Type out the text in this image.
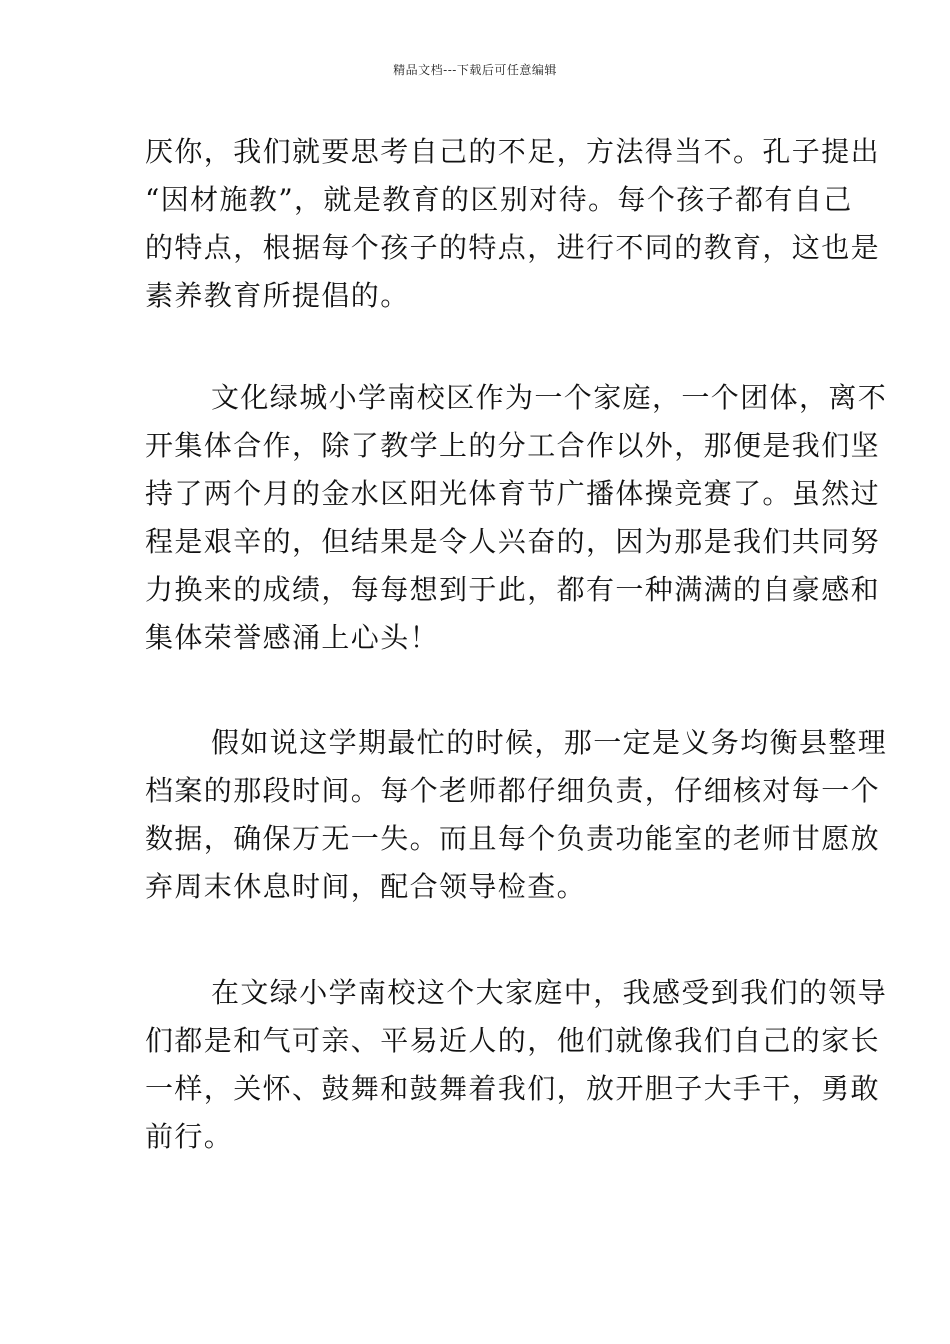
精品文档---下载后可任意编辑

厌你，我们就要思考自己的不足，方法得当不。孔子提出
“因材施教”，就是教育的区别对待。每个孩子都有自己
的特点，根据每个孩子的特点，进行不同的教育，这也是
素养教育所提倡的。

文化绿城小学南校区作为一个家庭，一个团体，离不
开集体合作，除了教学上的分工合作以外，那便是我们坚
持了两个月的金水区阳光体育节广播体操竞赛了。虽然过
程是艰辛的，但结果是令人兴奋的，因为那是我们共同努
力换来的成绩，每每想到于此，都有一种满满的自豪感和
集体荣誉感涌上心头！

假如说这学期最忙的时候，那一定是义务均衡县整理
档案的那段时间。每个老师都仔细负责，仔细核对每一个
数据，确保万无一失。而且每个负责功能室的老师甘愿放
弃周末休息时间，配合领导检查。

在文绿小学南校这个大家庭中，我感受到我们的领导
们都是和气可亲、平易近人的，他们就像我们自己的家长
一样，关怀、鼓舞和鼓舞着我们，放开胆子大手干，勇敢
前行。
